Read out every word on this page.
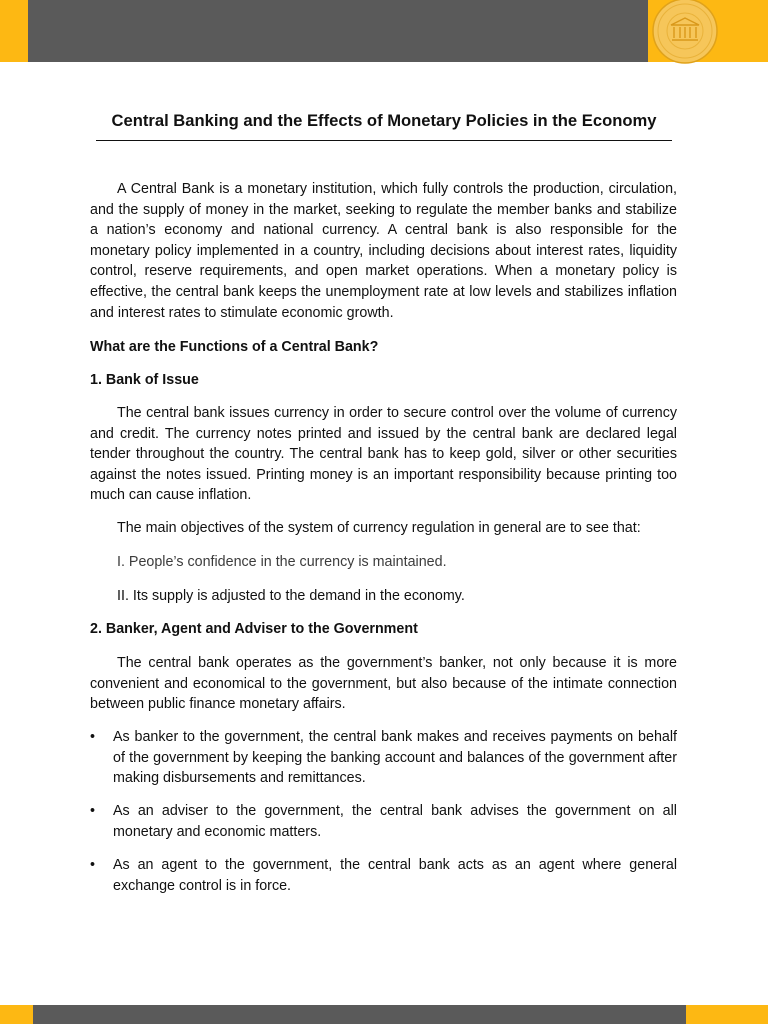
Central Banking and the Effects of Monetary Policies in the Economy

A Central Bank is a monetary institution, which fully controls the production, circulation, and the supply of money in the market, seeking to regulate the member banks and stabilize a nation’s economy and national currency. A central bank is also responsible for the monetary policy implemented in a country, including decisions about interest rates, liquidity control, reserve requirements, and open market operations. When a monetary policy is effective, the central bank keeps the unemployment rate at low levels and stabilizes inflation and interest rates to stimulate economic growth.

What are the Functions of a Central Bank?

1. Bank of Issue

The central bank issues currency in order to secure control over the volume of currency and credit. The currency notes printed and issued by the central bank are declared legal tender throughout the country. The central bank has to keep gold, silver or other securities against the notes issued. Printing money is an important responsibility because printing too much can cause inflation.

The main objectives of the system of currency regulation in general are to see that:

I. People’s confidence in the currency is maintained.

II. Its supply is adjusted to the demand in the economy.

2. Banker, Agent and Adviser to the Government

The central bank operates as the government’s banker, not only because it is more convenient and economical to the government, but also because of the intimate connection between public finance monetary affairs.

• As banker to the government, the central bank makes and receives payments on behalf of the government by keeping the banking account and balances of the government after making disbursements and remittances.
• As an adviser to the government, the central bank advises the government on all monetary and economic matters.
• As an agent to the government, the central bank acts as an agent where general exchange control is in force.
